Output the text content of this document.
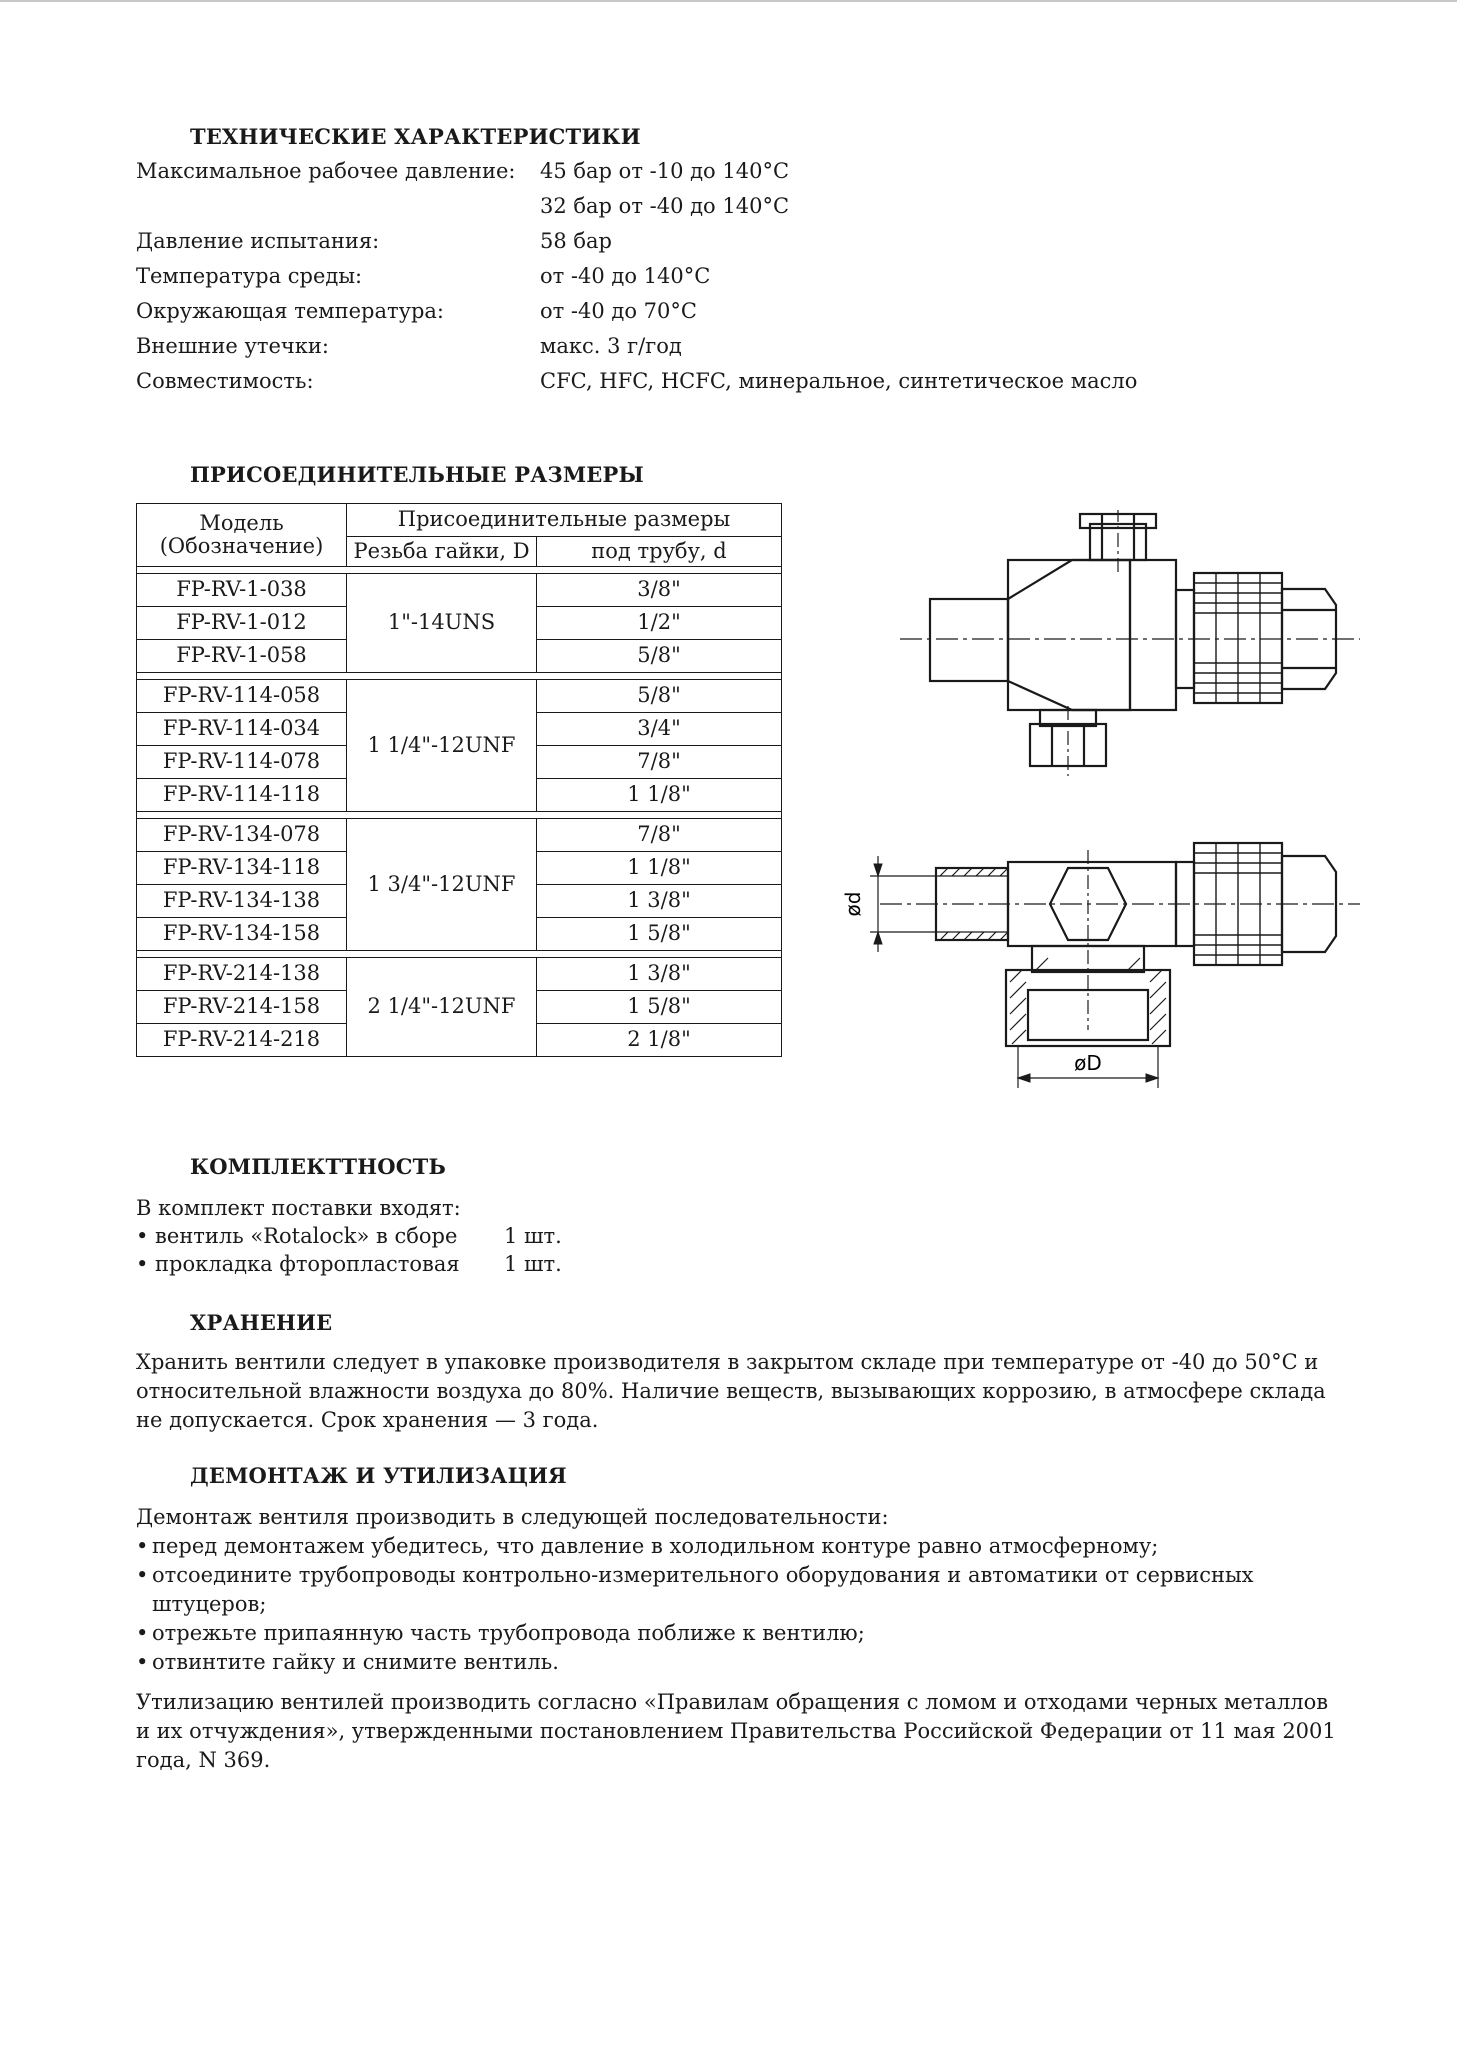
ТЕХНИЧЕСКИЕ ХАРАКТЕРИСТИКИ
Максимальное рабочее давление: 45 бар от -10 до 140°С
32 бар от -40 до 140°С
Давление испытания:	58 бар
Температура среды:	от -40 до 140°С
Окружающая температура:	от -40 до 70°С
Внешние утечки:	макс. 3 г/год
Совместимость:	CFC, HFC, HCFC, минеральное, синтетическое масло
ПРИСОЕДИНИТЕЛЬНЫЕ РАЗМЕРЫ
Модель
(Обозначение)	Присоединительные размеры	
	Резьба гайки, D	под трубу, d

FP-RV-1-038	1"-14UNS	3/8"
FP-RV-1-012		1/2"
FP-RV-1-058		5/8"

FP-RV-114-058	1 1/4"-12UNF	5/8"
FP-RV-114-034		3/4"
FP-RV-114-078		7/8"
FP-RV-114-118		1 1/8"

FP-RV-134-078	1 3/4"-12UNF	7/8"
FP-RV-134-118		1 1/8"
FP-RV-134-138		1 3/8"
FP-RV-134-158		1 5/8"

FP-RV-214-138	2 1/4"-12UNF	1 3/8"
FP-RV-214-158		1 5/8"
FP-RV-214-218		2 1/8"
ød
øD
КОМПЛЕКТТНОСТЬ
В комплект поставки входят:
• вентиль «Rotalock» в сборе 1 шт.
• прокладка фторопластовая 1 шт.
ХРАНЕНИЕ

Хранить вентили следует в упаковке производителя в закрытом складе при температуре от -40 до 50°С и относительной влажности воздуха до 80%. Наличие веществ, вызывающих коррозию, в атмосфере склада не допускается. Срок хранения — 3 года.

ДЕМОНТАЖ И УТИЛИЗАЦИЯ

Демонтаж вентиля производить в следующей последовательности:

• перед демонтажем убедитесь, что давление в холодильном контуре равно атмосферному;
• отсоедините трубопроводы контрольно-измерительного оборудования и автоматики от сервисных штуцеров;
• отрежьте припаянную часть трубопровода поближе к вентилю;
• отвинтите гайку и снимите вентиль.

Утилизацию вентилей производить согласно «Правилам обращения с ломом и отходами черных металлов и их отчуждения», утвержденными постановлением Правительства Российской Федерации от 11 мая 2001 года, N 369.
